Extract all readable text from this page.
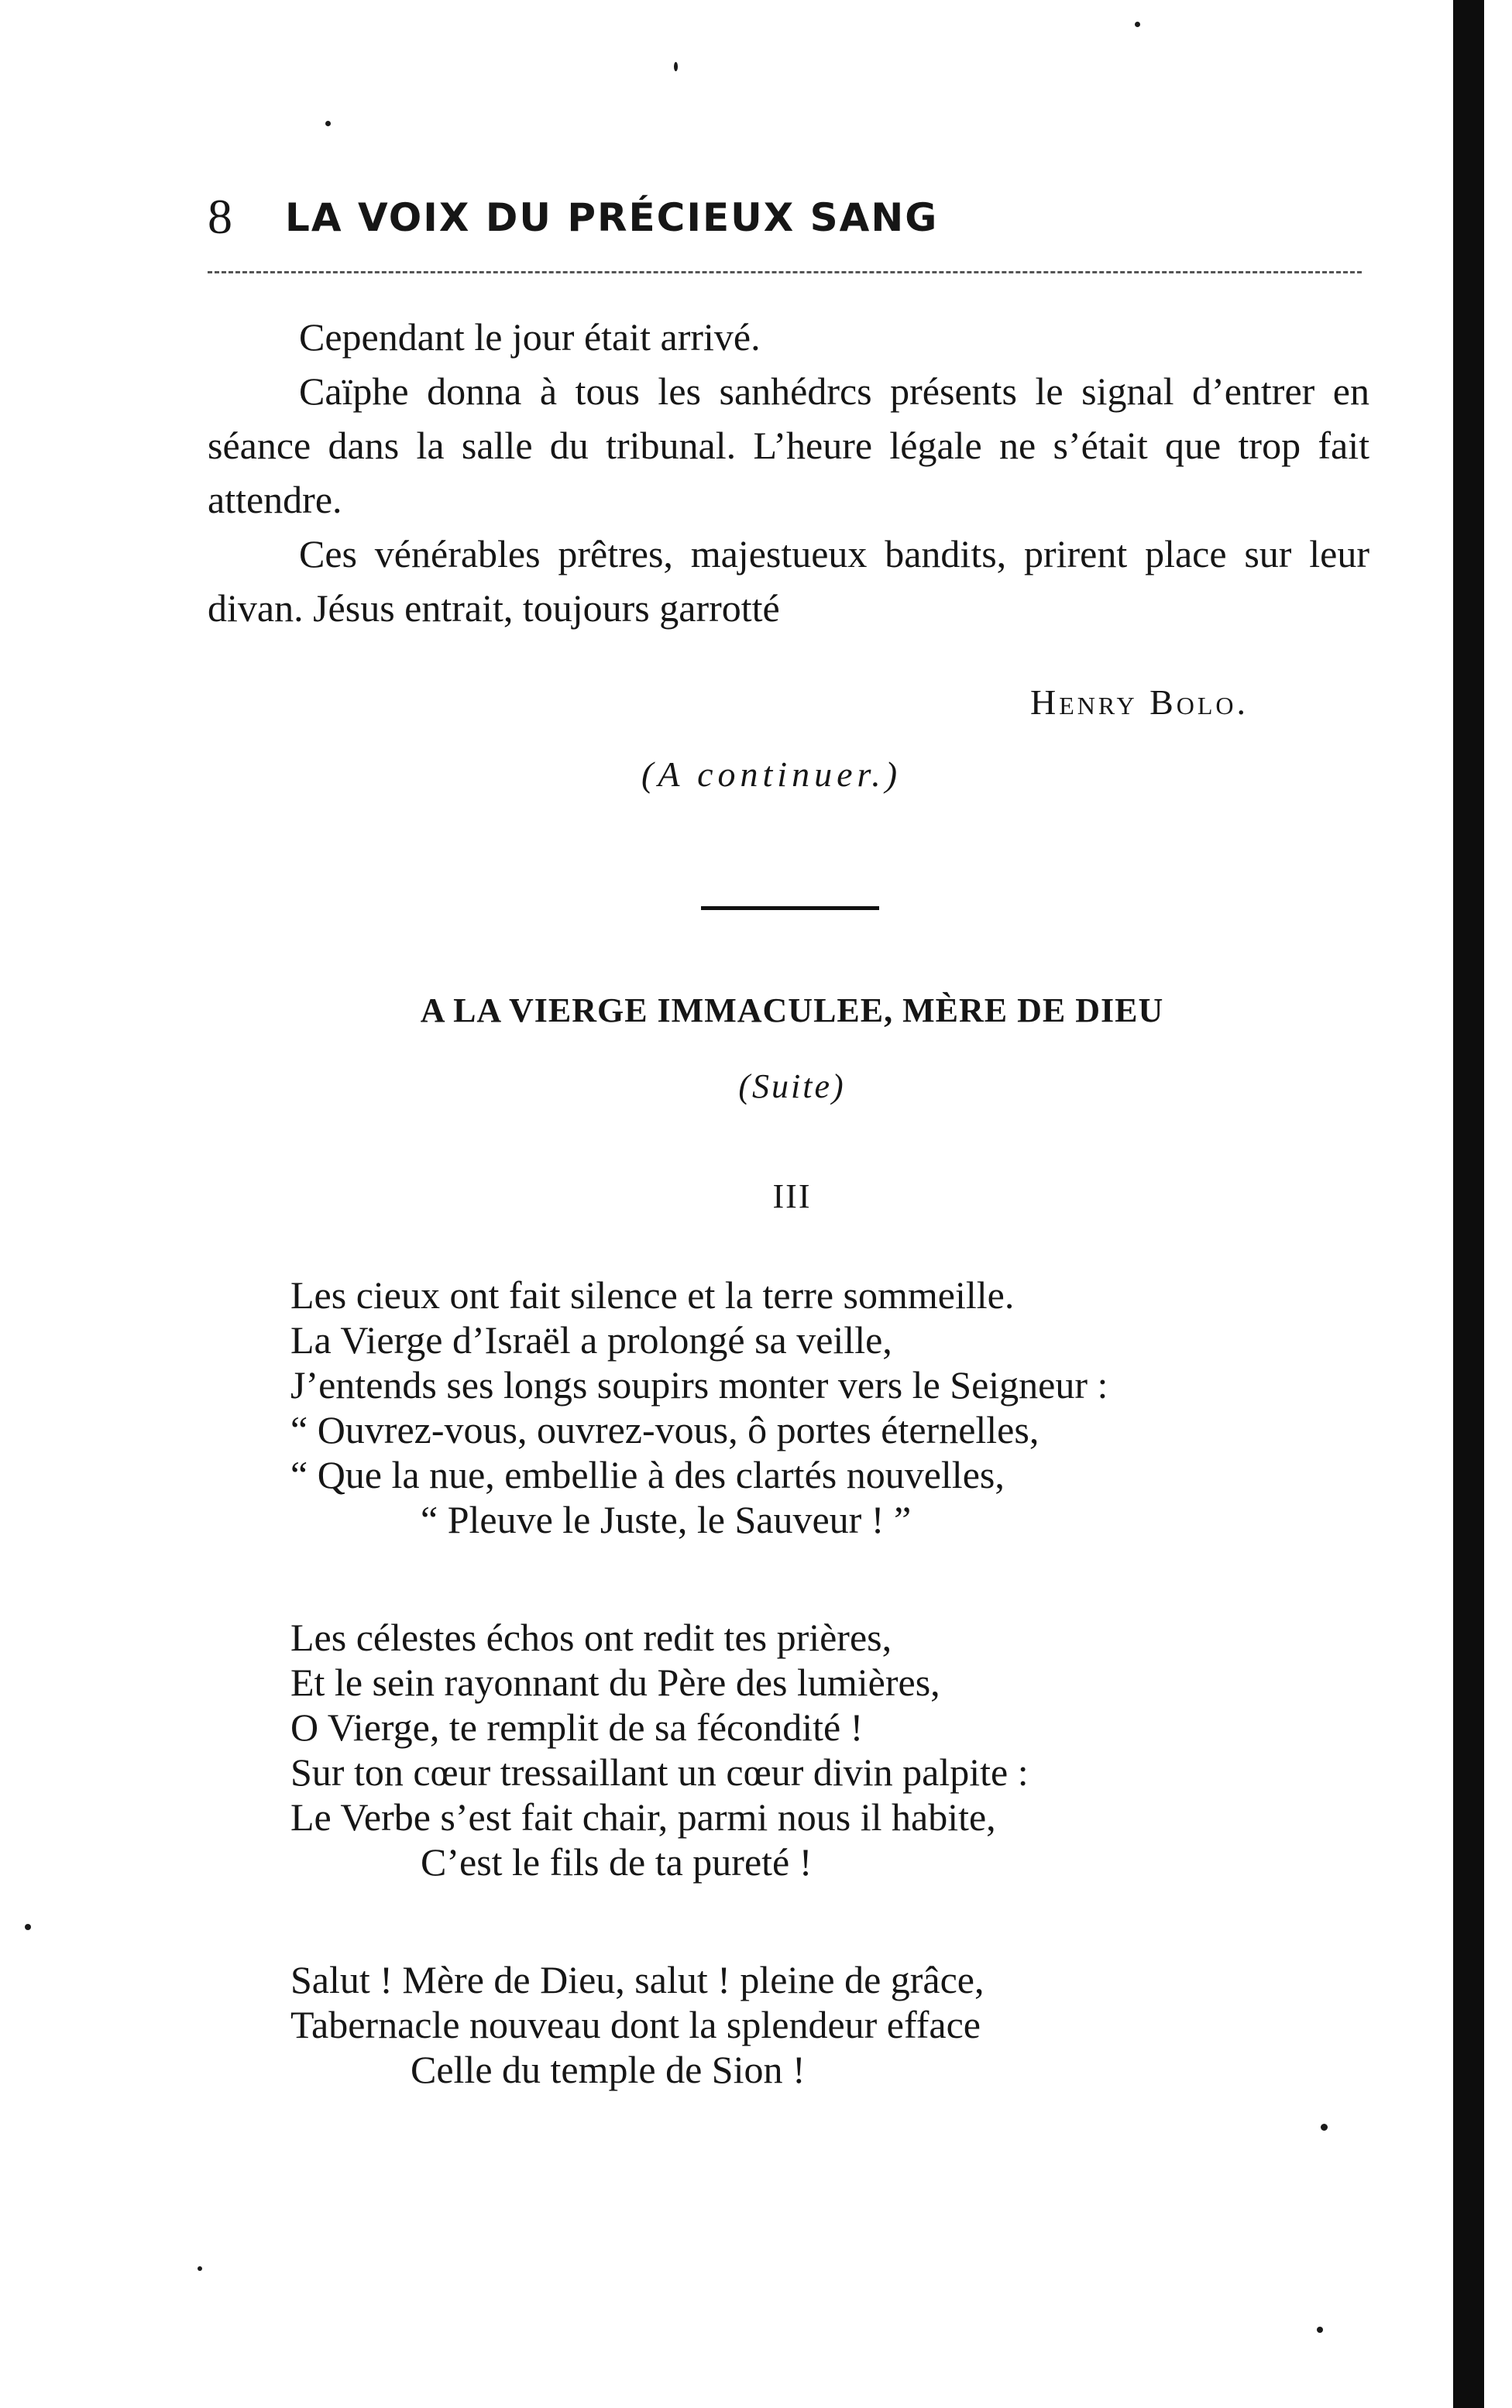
8 LA VOIX DU PRÉCIEUX SANG

Cependant le jour était arrivé.

Caïphe donna à tous les sanhédrcs présents le signal d’entrer en séance dans la salle du tribunal. L’heure légale ne s’était que trop fait attendre.

Ces vénérables prêtres, majestueux bandits, prirent place sur leur divan. Jésus entrait, toujours garrotté

Henry Bolo.
(A continuer.)
A LA VIERGE IMMACULEE, MÈRE DE DIEU
(Suite)
III
Les cieux ont fait silence et la terre sommeille.
La Vierge d’Israël a prolongé sa veille,
J’entends ses longs soupirs monter vers le Seigneur :
“ Ouvrez-vous, ouvrez-vous, ô portes éternelles,
“ Que la nue, embellie à des clartés nouvelles,
“ Pleuve le Juste, le Sauveur ! ”
Les célestes échos ont redit tes prières,
Et le sein rayonnant du Père des lumières,
O Vierge, te remplit de sa fécondité !
Sur ton cœur tressaillant un cœur divin palpite :
Le Verbe s’est fait chair, parmi nous il habite,
C’est le fils de ta pureté !
Salut ! Mère de Dieu, salut ! pleine de grâce,
Tabernacle nouveau dont la splendeur efface
Celle du temple de Sion !
